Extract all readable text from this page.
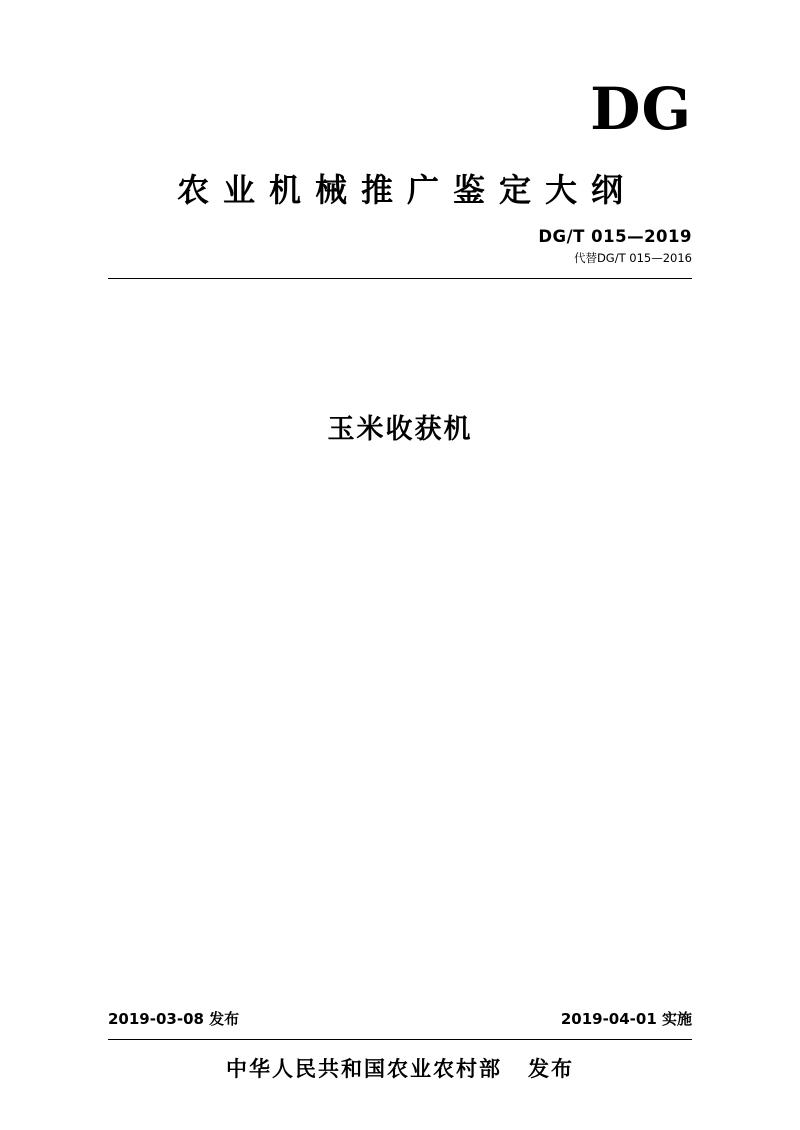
DG
农业机械推广鉴定大纲
DG/T 015—2019
代替DG/T 015—2016
玉米收获机
2019-03-08 发布	2019-04-01 实施
中华人民共和国农业农村部 发布
